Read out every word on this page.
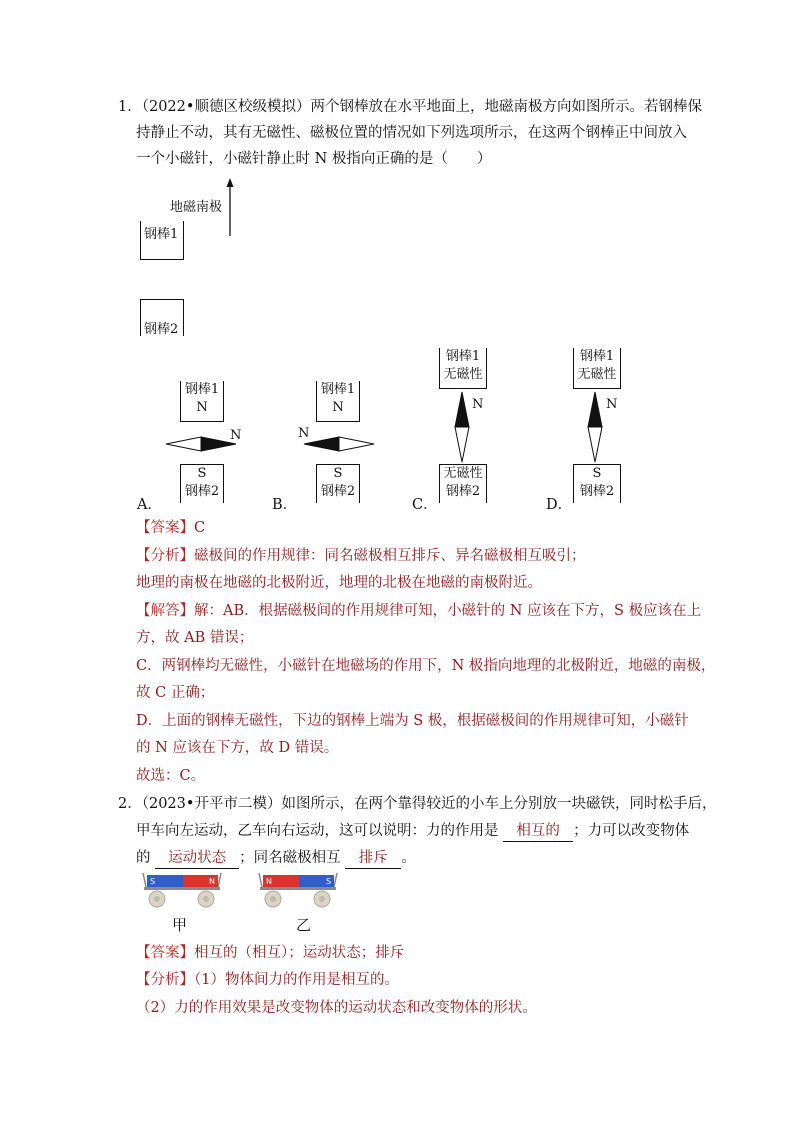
1．（2022•顺德区校级模拟）两个钢棒放在水平地面上，地磁南极方向如图所示。若钢棒保
持静止不动，其有无磁性、磁极位置的情况如下列选项所示，在这两个钢棒正中间放入
一个小磁针，小磁针静止时 N 极指向正确的是（　　）
地磁南极
钢棒1
钢棒2
钢棒1
N
N
S
钢棒2
A．
钢棒1
N
N
S
钢棒2
B．
钢棒1
无磁性
N
无磁性
钢棒2
C．
钢棒1
无磁性
N
S
钢棒2
D．
【答案】C
【分析】磁极间的作用规律：同名磁极相互排斥、异名磁极相互吸引；
地理的南极在地磁的北极附近，地理的北极在地磁的南极附近。
【解答】解：AB．根据磁极间的作用规律可知，小磁针的 N 应该在下方，S 极应该在上
方，故 AB 错误；
C．两钢棒均无磁性，小磁针在地磁场的作用下，N 极指向地理的北极附近，地磁的南极，
故 C 正确；
D．上面的钢棒无磁性，下边的钢棒上端为 S 极，根据磁极间的作用规律可知，小磁针
的 N 应该在下方，故 D 错误。
故选：C。
2．（2023•开平市二模）如图所示，在两个靠得较近的小车上分别放一块磁铁，同时松手后，
甲车向左运动，乙车向右运动，这可以说明：力的作用是 相互的 ；力可以改变物体
的 运动状态 ；同名磁极相互 排斥 。
S	N	N	S
甲	乙
【答案】相互的（相互）；运动状态；排斥
【分析】（1）物体间力的作用是相互的。
（2）力的作用效果是改变物体的运动状态和改变物体的形状。
